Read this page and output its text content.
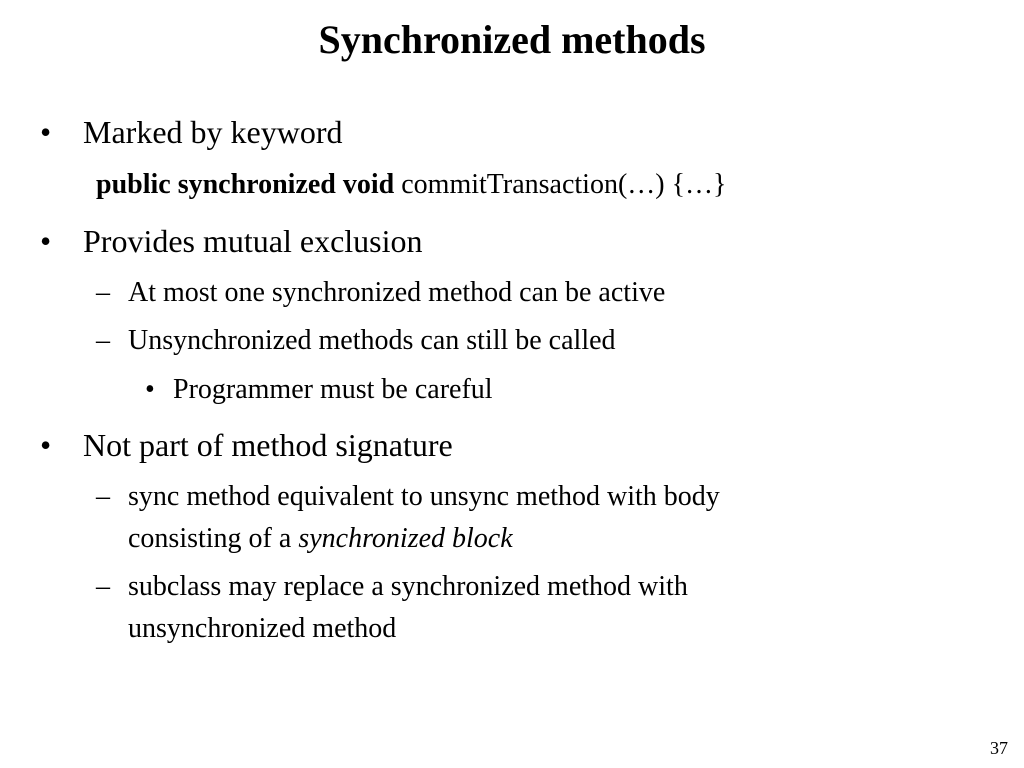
Synchronized methods
• Marked by keyword
public synchronized void commitTransaction(…) {…}
• Provides mutual exclusion
– At most one synchronized method can be active
– Unsynchronized methods can still be called
• Programmer must be careful
• Not part of method signature
– sync method equivalent to unsync method with body
consisting of a synchronized block
– subclass may replace a synchronized method with
unsynchronized method
37
